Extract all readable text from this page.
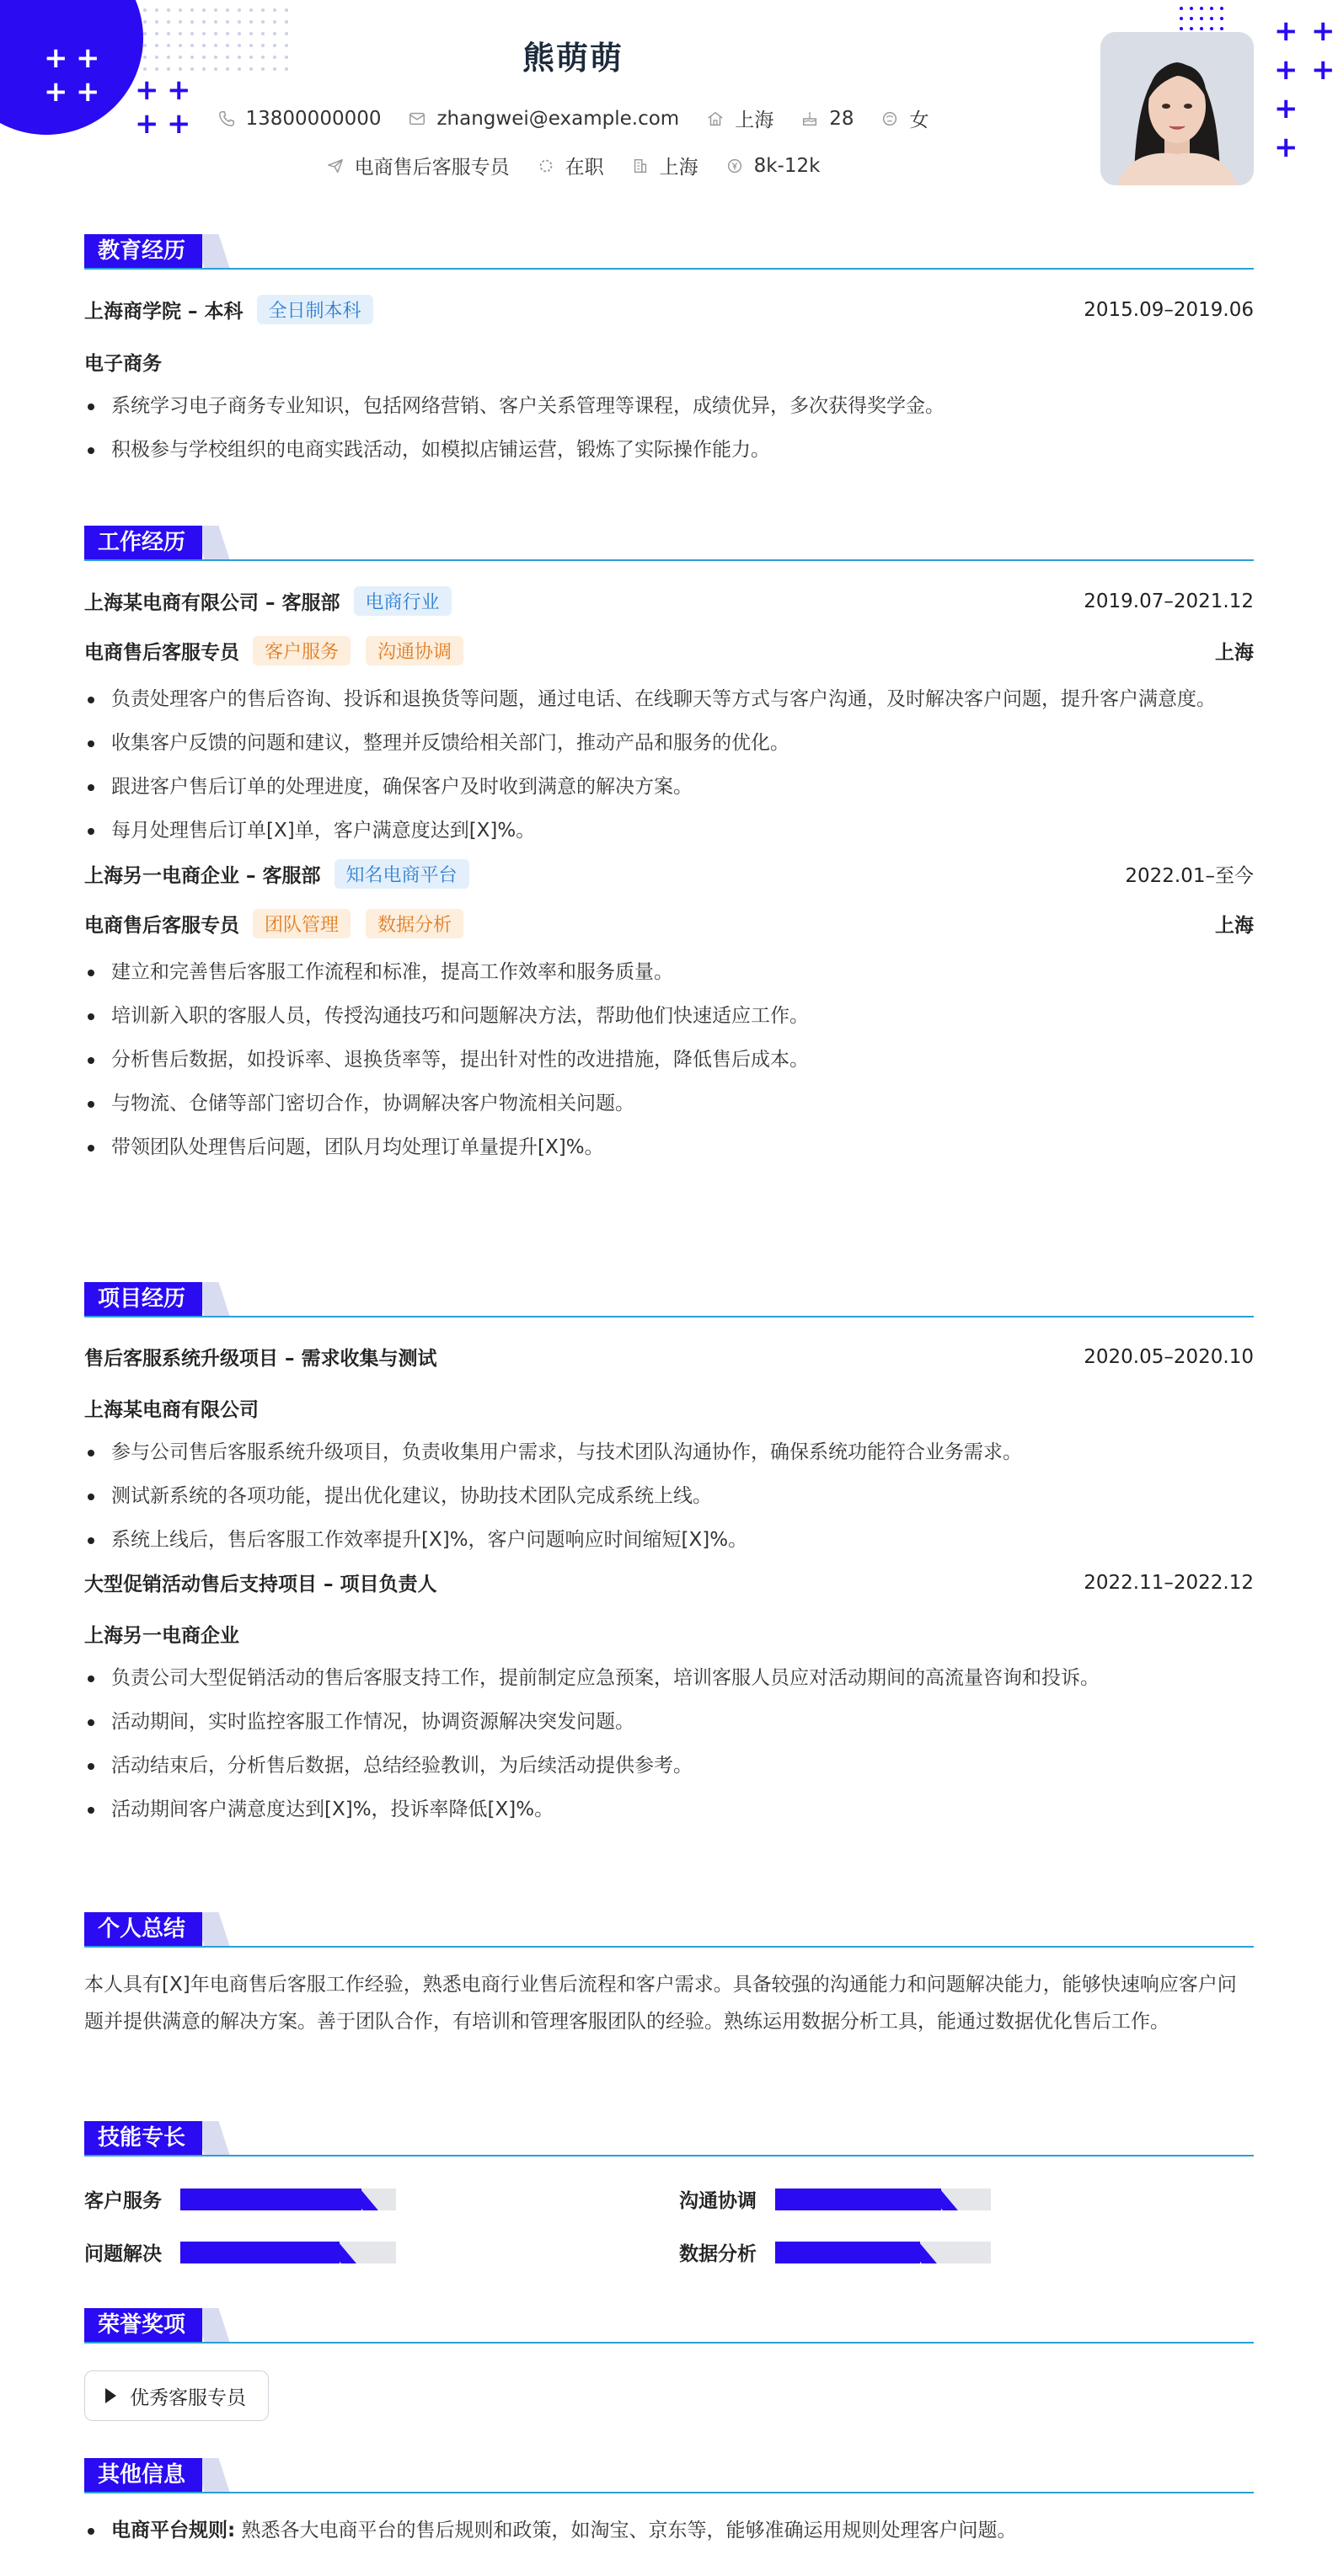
+ +
+ + + +
+ +
+ +
+ +
+
+
熊萌萌
13800000000	zhangwei@example.com	上海	28	女
电商售后客服专员	在职	上海	8k-12k
教育经历
上海商学院 – 本科	全日制本科	2015.09–2019.06
电子商务
系统学习电子商务专业知识，包括网络营销、客户关系管理等课程，成绩优异，多次获得奖学金。
积极参与学校组织的电商实践活动，如模拟店铺运营，锻炼了实际操作能力。
工作经历
上海某电商有限公司 – 客服部	电商行业	2019.07–2021.12
电商售后客服专员	客户服务	沟通协调	上海
负责处理客户的售后咨询、投诉和退换货等问题，通过电话、在线聊天等方式与客户沟通，及时解决客户问题，提升客户满意度。
收集客户反馈的问题和建议，整理并反馈给相关部门，推动产品和服务的优化。
跟进客户售后订单的处理进度，确保客户及时收到满意的解决方案。
每月处理售后订单[X]单，客户满意度达到[X]%。
上海另一电商企业 – 客服部	知名电商平台	2022.01–至今
电商售后客服专员	团队管理	数据分析	上海
建立和完善售后客服工作流程和标准，提高工作效率和服务质量。
培训新入职的客服人员，传授沟通技巧和问题解决方法，帮助他们快速适应工作。
分析售后数据，如投诉率、退换货率等，提出针对性的改进措施，降低售后成本。
与物流、仓储等部门密切合作，协调解决客户物流相关问题。
带领团队处理售后问题，团队月均处理订单量提升[X]%。
项目经历
售后客服系统升级项目 – 需求收集与测试	2020.05–2020.10
上海某电商有限公司
参与公司售后客服系统升级项目，负责收集用户需求，与技术团队沟通协作，确保系统功能符合业务需求。
测试新系统的各项功能，提出优化建议，协助技术团队完成系统上线。
系统上线后，售后客服工作效率提升[X]%，客户问题响应时间缩短[X]%。
大型促销活动售后支持项目 – 项目负责人	2022.11–2022.12
上海另一电商企业
负责公司大型促销活动的售后客服支持工作，提前制定应急预案，培训客服人员应对活动期间的高流量咨询和投诉。
活动期间，实时监控客服工作情况，协调资源解决突发问题。
活动结束后，分析售后数据，总结经验教训，为后续活动提供参考。
活动期间客户满意度达到[X]%，投诉率降低[X]%。
个人总结
本人具有[X]年电商售后客服工作经验，熟悉电商行业售后流程和客户需求。具备较强的沟通能力和问题解决能力，能够快速响应客户问题并提供满意的解决方案。善于团队合作，有培训和管理客服团队的经验。熟练运用数据分析工具，能通过数据优化售后工作。
技能专长
客户服务	沟通协调
问题解决	数据分析
荣誉奖项
优秀客服专员
其他信息
电商平台规则: 熟悉各大电商平台的售后规则和政策，如淘宝、京东等，能够准确运用规则处理客户问题。
